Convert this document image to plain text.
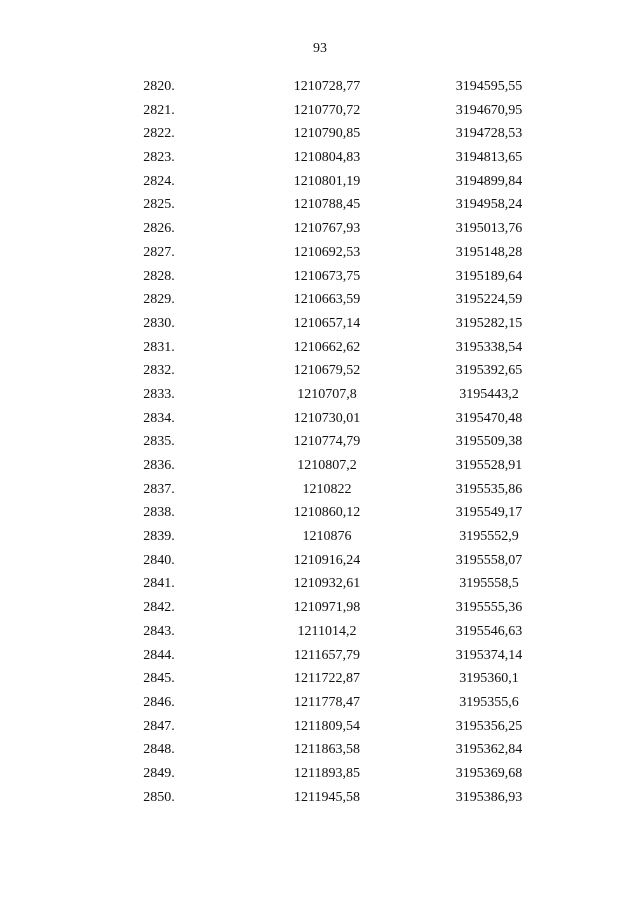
93
2820.	1210728,77	3194595,55
2821.	1210770,72	3194670,95
2822.	1210790,85	3194728,53
2823.	1210804,83	3194813,65
2824.	1210801,19	3194899,84
2825.	1210788,45	3194958,24
2826.	1210767,93	3195013,76
2827.	1210692,53	3195148,28
2828.	1210673,75	3195189,64
2829.	1210663,59	3195224,59
2830.	1210657,14	3195282,15
2831.	1210662,62	3195338,54
2832.	1210679,52	3195392,65
2833.	1210707,8	3195443,2
2834.	1210730,01	3195470,48
2835.	1210774,79	3195509,38
2836.	1210807,2	3195528,91
2837.	1210822	3195535,86
2838.	1210860,12	3195549,17
2839.	1210876	3195552,9
2840.	1210916,24	3195558,07
2841.	1210932,61	3195558,5
2842.	1210971,98	3195555,36
2843.	1211014,2	3195546,63
2844.	1211657,79	3195374,14
2845.	1211722,87	3195360,1
2846.	1211778,47	3195355,6
2847.	1211809,54	3195356,25
2848.	1211863,58	3195362,84
2849.	1211893,85	3195369,68
2850.	1211945,58	3195386,93
